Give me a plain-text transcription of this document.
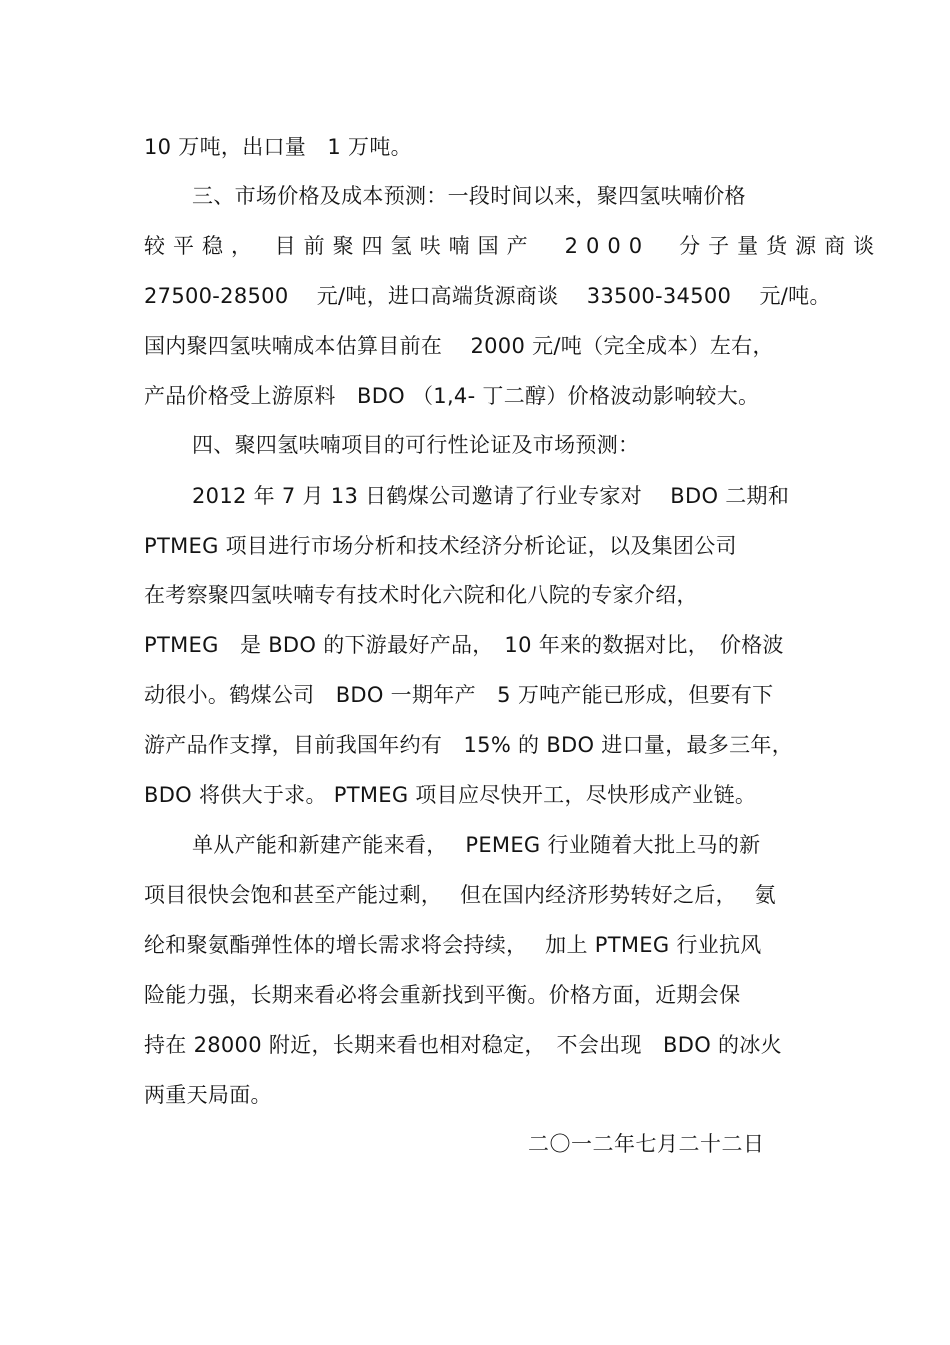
10 万吨，出口量　1 万吨。
三、市场价格及成本预测：一段时间以来，聚四氢呋喃价格
较平稳， 目前聚四氢呋喃国产　2000　分子量货源商谈
27500-28500　 元/吨，进口高端货源商谈　 33500-34500　 元/吨。
国内聚四氢呋喃成本估算目前在　 2000 元/吨（完全成本）左右，
产品价格受上游原料　BDO （1,4- 丁二醇）价格波动影响较大。
四、聚四氢呋喃项目的可行性论证及市场预测：
2012 年 7 月 13 日鹤煤公司邀请了行业专家对　 BDO 二期和
PTMEG 项目进行市场分析和技术经济分析论证，以及集团公司
在考察聚四氢呋喃专有技术时化六院和化八院的专家介绍，
PTMEG　是 BDO 的下游最好产品，　10 年来的数据对比，　价格波
动很小。鹤煤公司　BDO 一期年产　5 万吨产能已形成，但要有下
游产品作支撑，目前我国年约有　15% 的 BDO 进口量，最多三年，
BDO 将供大于求。 PTMEG 项目应尽快开工，尽快形成产业链。
单从产能和新建产能来看，　 PEMEG 行业随着大批上马的新
项目很快会饱和甚至产能过剩，　 但在国内经济形势转好之后，　 氨
纶和聚氨酯弹性体的增长需求将会持续，　 加上 PTMEG 行业抗风
险能力强，长期来看必将会重新找到平衡。价格方面，近期会保
持在 28000 附近，长期来看也相对稳定，　不会出现　BDO 的冰火
两重天局面。
二〇一二年七月二十二日
